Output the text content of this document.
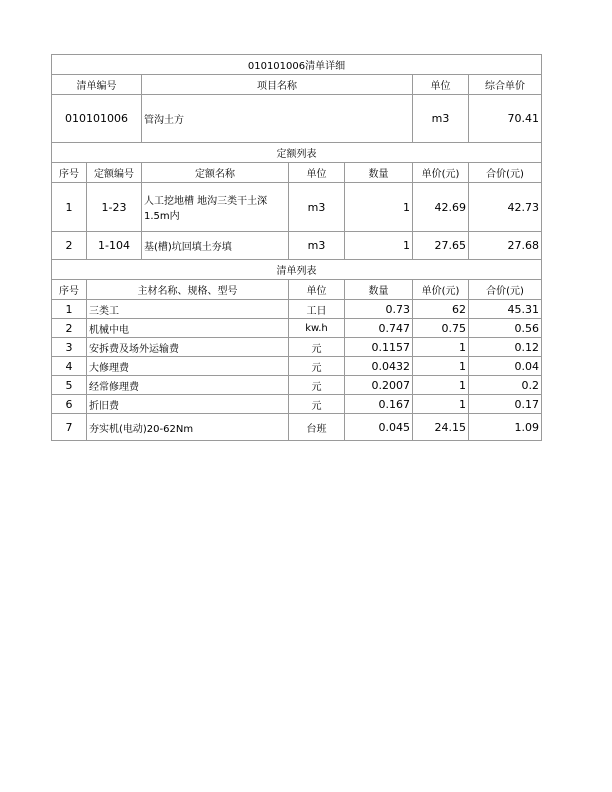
010101006清单详细						
清单编号		项目名称			单位	综合单价
010101006		管沟土方			m3	70.41
定额列表						
序号	定额编号	定额名称	单位	数量	单价(元)	合价(元)
1	1-23	人工挖地槽 地沟三类干土深1.5m内	m3	1	42.69	42.73
2	1-104	基(槽)坑回填土夯填	m3	1	27.65	27.68
清单列表						
序号	主材名称、规格、型号		单位	数量	单价(元)	合价(元)
1	三类工		工日	0.73	62	45.31
2	机械中电		kw.h	0.747	0.75	0.56
3	安拆费及场外运输费		元	0.1157	1	0.12
4	大修理费		元	0.0432	1	0.04
5	经常修理费		元	0.2007	1	0.2
6	折旧费		元	0.167	1	0.17
7	夯实机(电动)20-62Nm		台班	0.045	24.15	1.09
